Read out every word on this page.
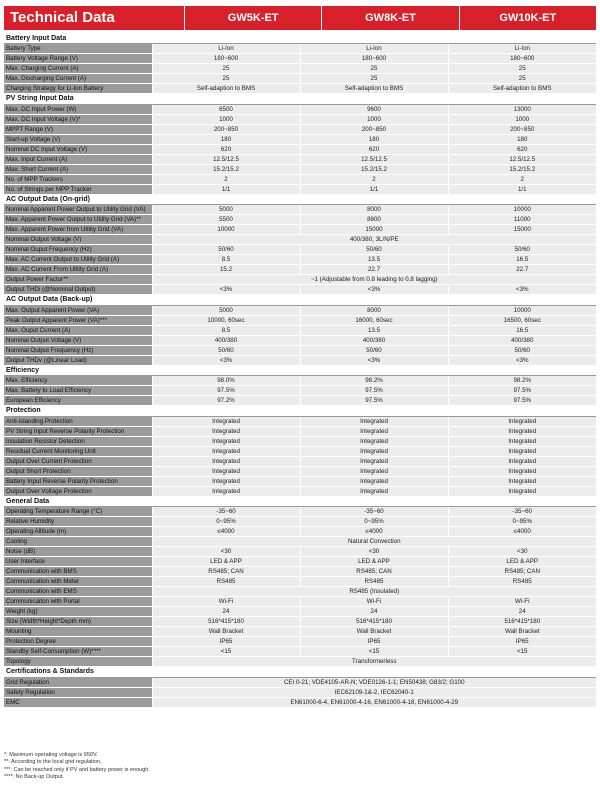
Technical Data	GW5K-ET	GW8K-ET	GW10K-ET
Battery Input Data			
Battery Type	Li-Ion	Li-Ion	Li-Ion
Battery Voltage Range (V)	180~600	180~600	180~600
Max. Charging Current (A)	25	25	25
Max. Discharging Current (A)	25	25	25
Charging Strategy for Li-Ion Battery	Self-adaption to BMS	Self-adaption to BMS	Self-adaption to BMS
PV String Input Data			
Max. DC Input Power (W)	6500	9600	13000
Max. DC Input Voltage (V)*	1000	1000	1000
MPPT Range (V)	200~850	200~850	200~850
Start-up Voltage (V)	180	180	180
Nominal DC Input Voltage (V)	620	620	620
Max. Input Current (A)	12.5/12.5	12.5/12.5	12.5/12.5
Max. Short Current (A)	15.2/15.2	15.2/15.2	15.2/15.2
No. of MPP Trackers	2	2	2
No. of Strings per MPP Tracker	1/1	1/1	1/1
AC Output Data (On-grid)			
Nominal Apparent Power Output to Utility Grid (VA)	5000	8000	10000
Max. Apparent Power Output to Utility Grid (VA)**	5500	8800	11000
Max. Apparent Power from Utility Grid (VA)	10000	15000	15000
Nominal Output Voltage (V)	400/380, 3L/N/PE		
Nominal Ouput Frequency (Hz)	50/60	50/60	50/60
Max. AC Current Output to Utility Grid (A)	8.5	13.5	16.5
Max. AC Current From Utility Grid (A)	15.2	22.7	22.7
Output Power Factor**	~1 (Adjustable from 0.8 leading to 0.8 lagging)		
Output THDi (@Nominal Output)	<3%	<3%	<3%
AC Output Data (Back-up)			
Max. Output Apparent Power (VA)	5000	8000	10000
Peak Output Apparent Power (VA)***	10000, 60sec	16000, 60sec	16500, 60sec
Max. Ouput Current (A)	8.5	13.5	16.5
Nominal Output Voltage (V)	400/380	400/380	400/380
Nominal Output Frequency (Hz)	50/60	50/60	50/60
Output THDv (@Linear Load)	<3%	<3%	<3%
Efficiency			
Max. Efficiency	98.0%	98.2%	98.2%
Max. Battery to Load Efficiency	97.5%	97.5%	97.5%
European Efficiency	97.2%	97.5%	97.5%
Protection			
Anti-islanding Protection	Integrated	Integrated	Integrated
PV String Input Reverse Polarity Protection	Integrated	Integrated	Integrated
Insulation Resistor Detection	Integrated	Integrated	Integrated
Residual Current Monitoring Unit	Integrated	Integrated	Integrated
Output Over Current Protection	Integrated	Integrated	Integrated
Output Short Protection	Integrated	Integrated	Integrated
Battery Input Reverse Polarity Protection	Integrated	Integrated	Integrated
Output Over Voltage Protection	Integrated	Integrated	Integrated
General Data			
Operating Temperature Range (°C)	-35~60	-35~60	-35~60
Relative Humidity	0~95%	0~95%	0~95%
Operating Altitude (m)	≤4000	≤4000	≤4000
Cooling	Natural Convection		
Noise (dB)	<30	<30	<30
User Interface	LED & APP	LED & APP	LED & APP
Communication with BMS	RS485; CAN	RS485; CAN	RS485; CAN
Communication with Meter	RS485	RS485	RS485
Communication with EMS	RS485 (Insulated)		
Communicaiton with Portal	Wi-Fi	Wi-Fi	Wi-Fi
Weight (kg)	24	24	24
Size (Width*Height*Depth mm)	516*415*180	516*415*180	516*415*180
Mounting	Wall Bracket	Wall Bracket	Wall Bracket
Protection Degree	IP65	IP65	IP65
Standby Self-Consumption (W)****	<15	<15	<15
Topology	Transformerless		
Certifications & Standards			
Grid Regulation	CEI 0-21; VDE4105-AR-N; VDE0126-1-1; EN50438; G83/2; G100		
Safety Regulation	IEC62109-1&-2, IEC62040-1		
EMC	EN61000-6-4, EN61000-4-16, EN61000-4-18, EN61000-4-29		
*: Maximum operating voltage is 950V.
**: According to the local grid regulation.
***: Can be reached only if PV and battery power is enough.
****: No Back-up Output.
